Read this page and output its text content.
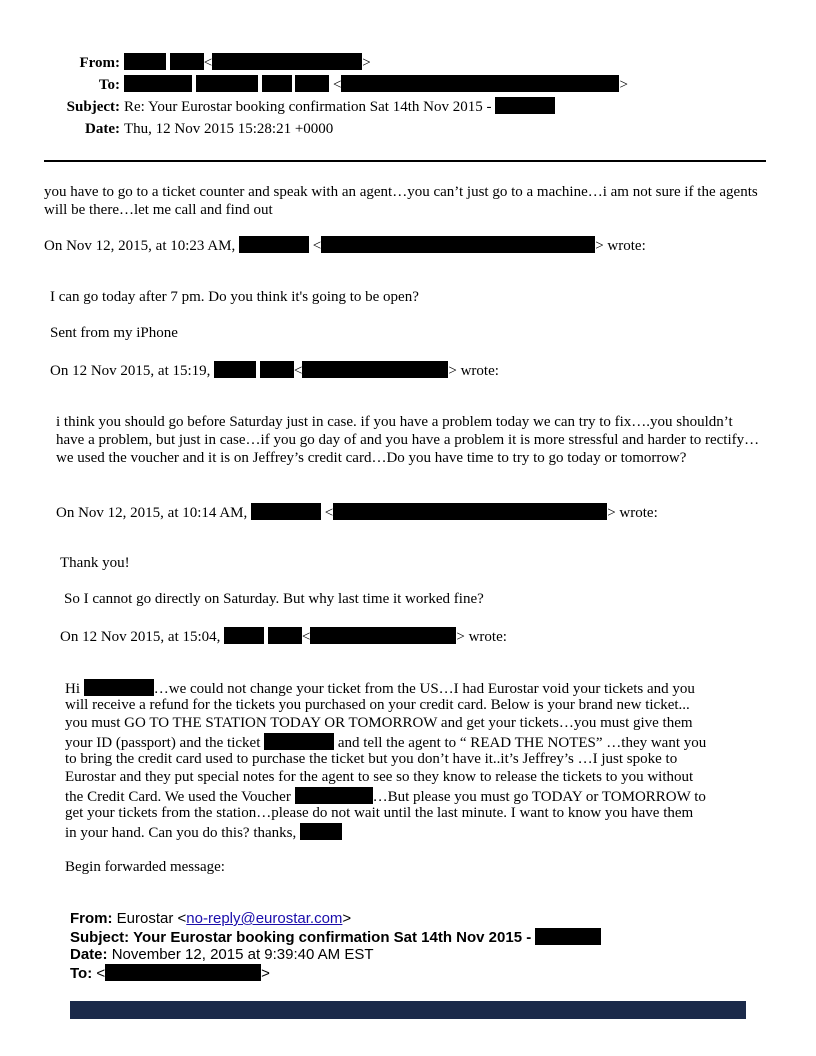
From:	<	>
To:	<	>
Subject: Re: Your Eurostar booking confirmation Sat 14th Nov 2015 -
Date: Thu, 12 Nov 2015 15:28:21 +0000
you have to go to a ticket counter and speak with an agent…you can’t just go to a machine…i am not sure if the agents will be there…let me call and find out
On Nov 12, 2015, at 10:23 AM,	<	> wrote:
I can go today after 7 pm. Do you think it's going to be open?
Sent from my iPhone
On 12 Nov 2015, at 15:19,	<	> wrote:
i think you should go before Saturday just in case. if you have a problem today we can try to fix….you shouldn’t have a problem, but just in case…if you go day of and you have a problem it is more stressful and harder to rectify…we used the voucher and it is on Jeffrey’s credit card…Do you have time to try to go today or tomorrow?
On Nov 12, 2015, at 10:14 AM,	<	> wrote:
Thank you!
So I cannot go directly on Saturday. But why last time it worked fine?
On 12 Nov 2015, at 15:04,	<	> wrote:
Hi	…we could not change your ticket from the US…I had Eurostar void your tickets and you
will receive a refund for the tickets you purchased on your credit card. Below is your brand new ticket...
you must GO TO THE STATION TODAY OR TOMORROW and get your tickets…you must give them
your ID (passport) and the ticket	and tell the agent to “ READ THE NOTES” …they want you
to bring the credit card used to purchase the ticket but you don’t have it..it’s Jeffrey’s …I just spoke to
Eurostar and they put special notes for the agent to see so they know to release the tickets to you without
the Credit Card. We used the Voucher	…But please you must go TODAY or TOMORROW to
get your tickets from the station…please do not wait until the last minute. I want to know you have them
in your hand. Can you do this? thanks,
Begin forwarded message:
From: Eurostar <no-reply@eurostar.com>
Subject: Your Eurostar booking confirmation Sat 14th Nov 2015 -
Date: November 12, 2015 at 9:39:40 AM EST
To: <	>
